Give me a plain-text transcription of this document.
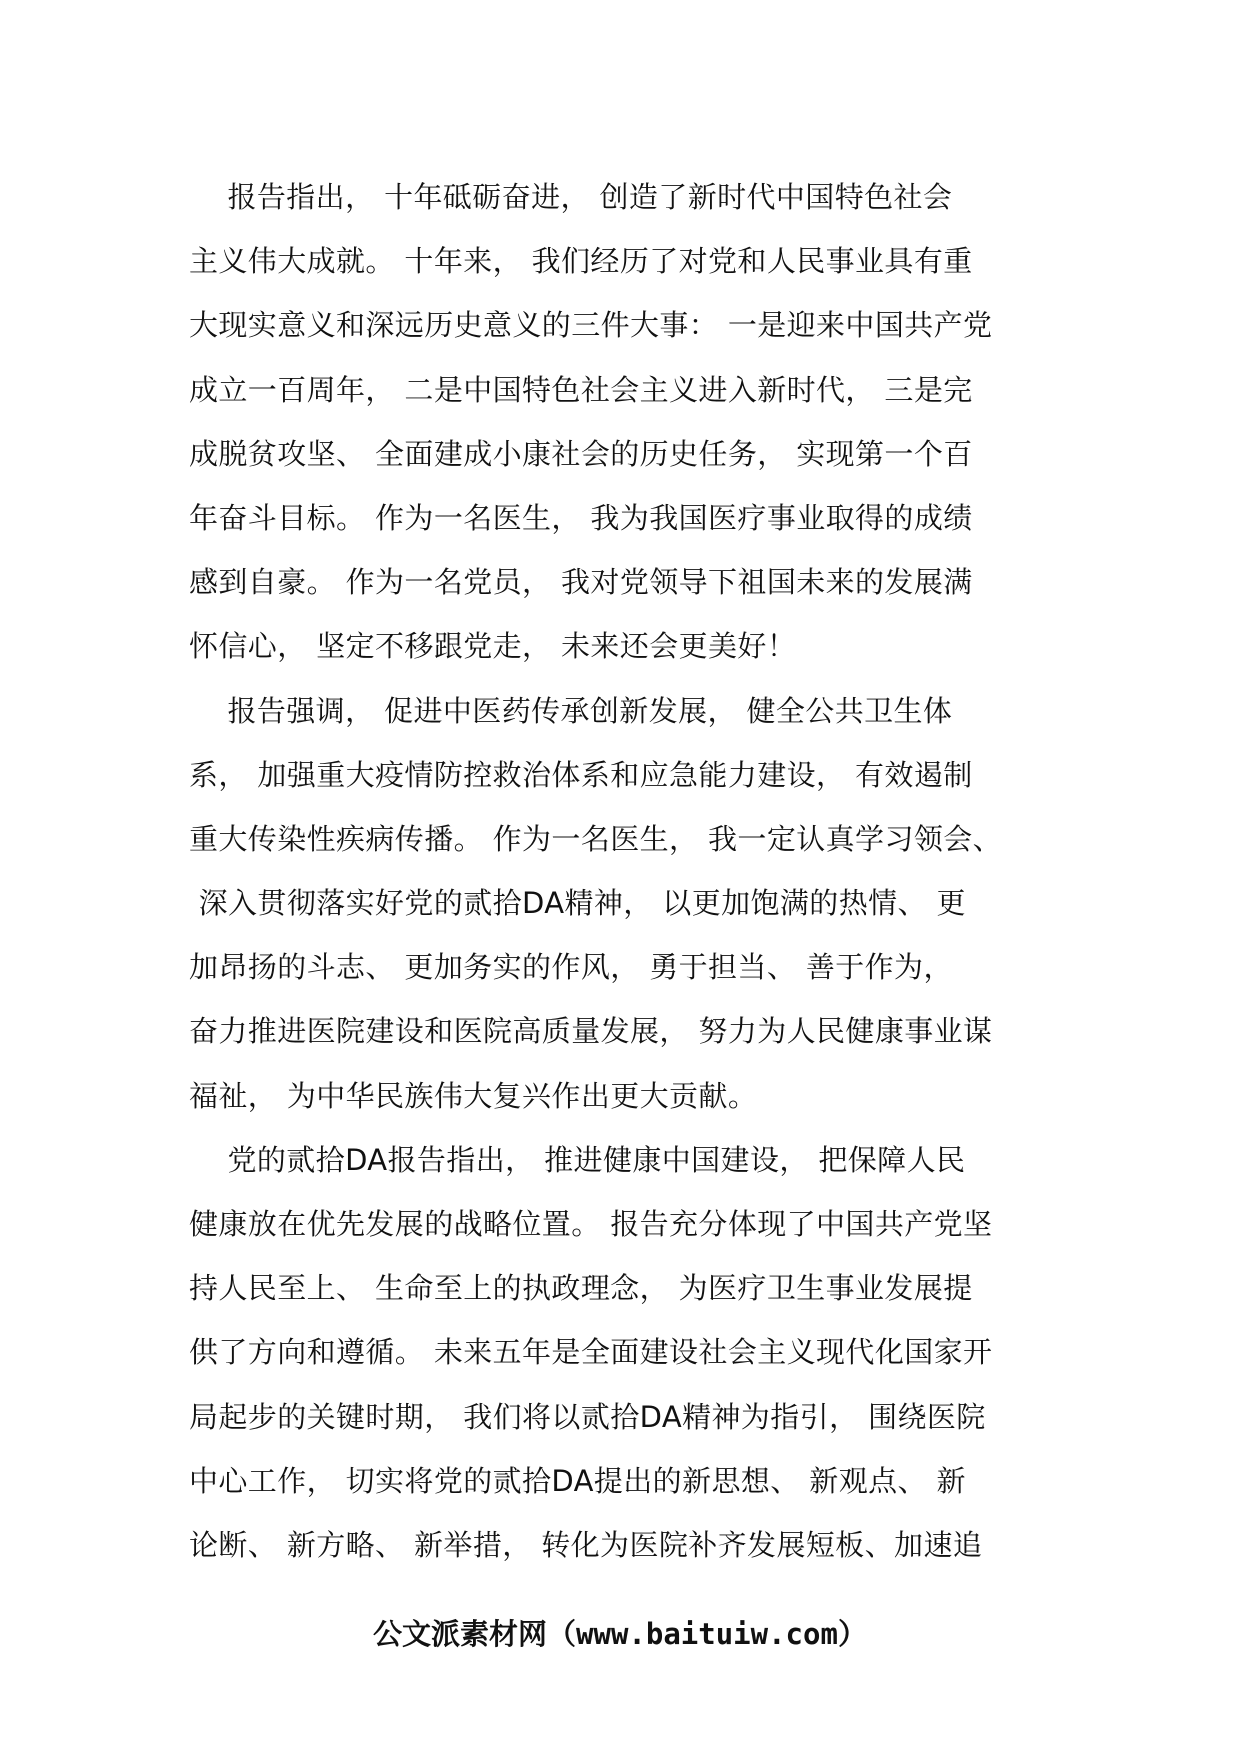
报告指出， 十年砥砺奋进， 创造了新时代中国特色社会
主义伟大成就。 十年来， 我们经历了对党和人民事业具有重
大现实意义和深远历史意义的三件大事： 一是迎来中国共产党
成立一百周年， 二是中国特色社会主义进入新时代， 三是完
成脱贫攻坚、 全面建成小康社会的历史任务， 实现第一个百
年奋斗目标。 作为一名医生， 我为我国医疗事业取得的成绩
感到自豪。 作为一名党员， 我对党领导下祖国未来的发展满
怀信心， 坚定不移跟党走， 未来还会更美好！
报告强调， 促进中医药传承创新发展， 健全公共卫生体
系， 加强重大疫情防控救治体系和应急能力建设， 有效遏制
重大传染性疾病传播。 作为一名医生， 我一定认真学习领会、
深入贯彻落实好党的贰拾DA精神， 以更加饱满的热情、 更
加昂扬的斗志、 更加务实的作风， 勇于担当、 善于作为，
奋力推进医院建设和医院高质量发展， 努力为人民健康事业谋
福祉， 为中华民族伟大复兴作出更大贡献。
党的贰拾DA报告指出， 推进健康中国建设， 把保障人民
健康放在优先发展的战略位置。 报告充分体现了中国共产党坚
持人民至上、 生命至上的执政理念， 为医疗卫生事业发展提
供了方向和遵循。 未来五年是全面建设社会主义现代化国家开
局起步的关键时期， 我们将以贰拾DA精神为指引， 围绕医院
中心工作， 切实将党的贰拾DA提出的新思想、 新观点、 新
论断、 新方略、 新举措， 转化为医院补齐发展短板、加速追
公文派素材网（www.baituiw.com）
